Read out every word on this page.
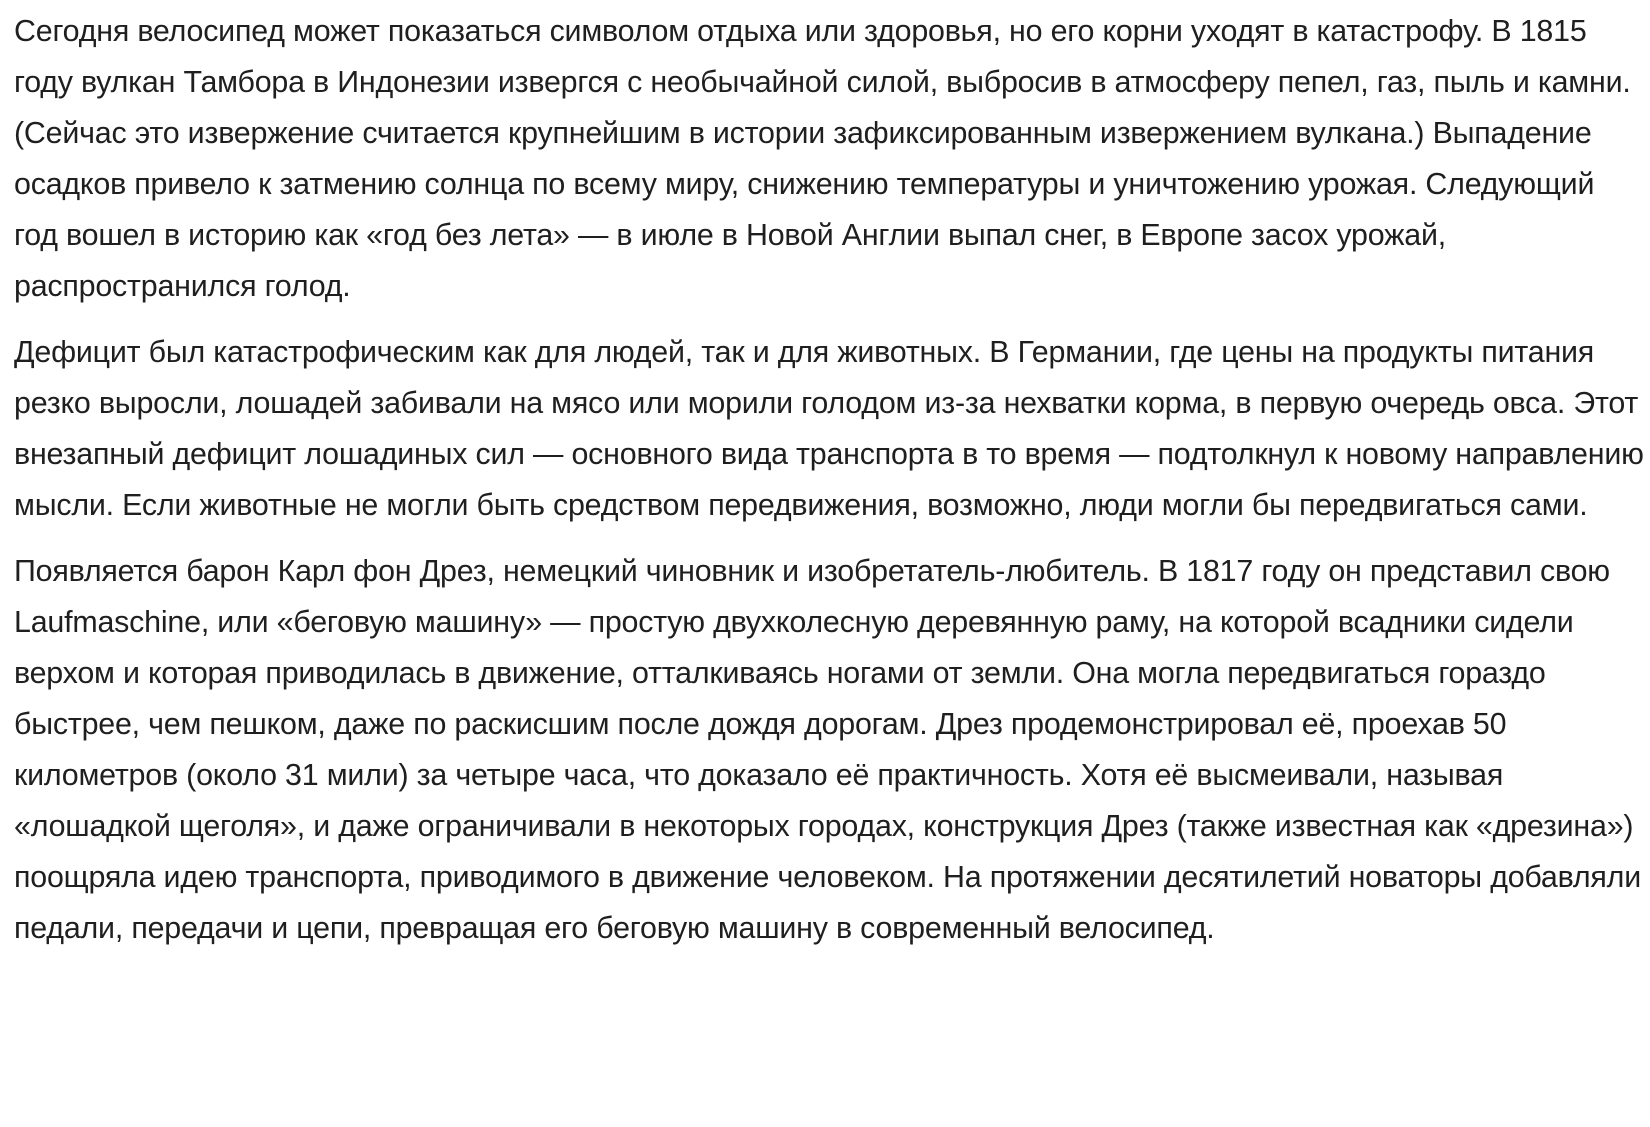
Сегодня велосипед может показаться символом отдыха или здоровья, но его корни уходят в катастрофу. В 1815 году вулкан Тамбора в Индонезии извергся с необычайной силой, выбросив в атмосферу пепел, газ, пыль и камни. (Сейчас это извержение считается крупнейшим в истории зафиксированным извержением вулкана.) Выпадение осадков привело к затмению солнца по всему миру, снижению температуры и уничтожению урожая. Следующий год вошел в историю как «год без лета» — в июле в Новой Англии выпал снег, в Европе засох урожай, распространился голод.

Дефицит был катастрофическим как для людей, так и для животных. В Германии, где цены на продукты питания резко выросли, лошадей забивали на мясо или морили голодом из-за нехватки корма, в первую очередь овса. Этот внезапный дефицит лошадиных сил — основного вида транспорта в то время — подтолкнул к новому направлению мысли. Если животные не могли быть средством передвижения, возможно, люди могли бы передвигаться сами.

Появляется барон Карл фон Дрез, немецкий чиновник и изобретатель-любитель. В 1817 году он представил свою Laufmaschine, или «беговую машину» — простую двухколесную деревянную раму, на которой всадники сидели верхом и которая приводилась в движение, отталкиваясь ногами от земли. Она могла передвигаться гораздо быстрее, чем пешком, даже по раскисшим после дождя дорогам. Дрез продемонстрировал её, проехав 50 километров (около 31 мили) за четыре часа, что доказало её практичность. Хотя её высмеивали, называя «лошадкой щеголя», и даже ограничивали в некоторых городах, конструкция Дрез (также известная как «дрезина») поощряла идею транспорта, приводимого в движение человеком. На протяжении десятилетий новаторы добавляли педали, передачи и цепи, превращая его беговую машину в современный велосипед.
